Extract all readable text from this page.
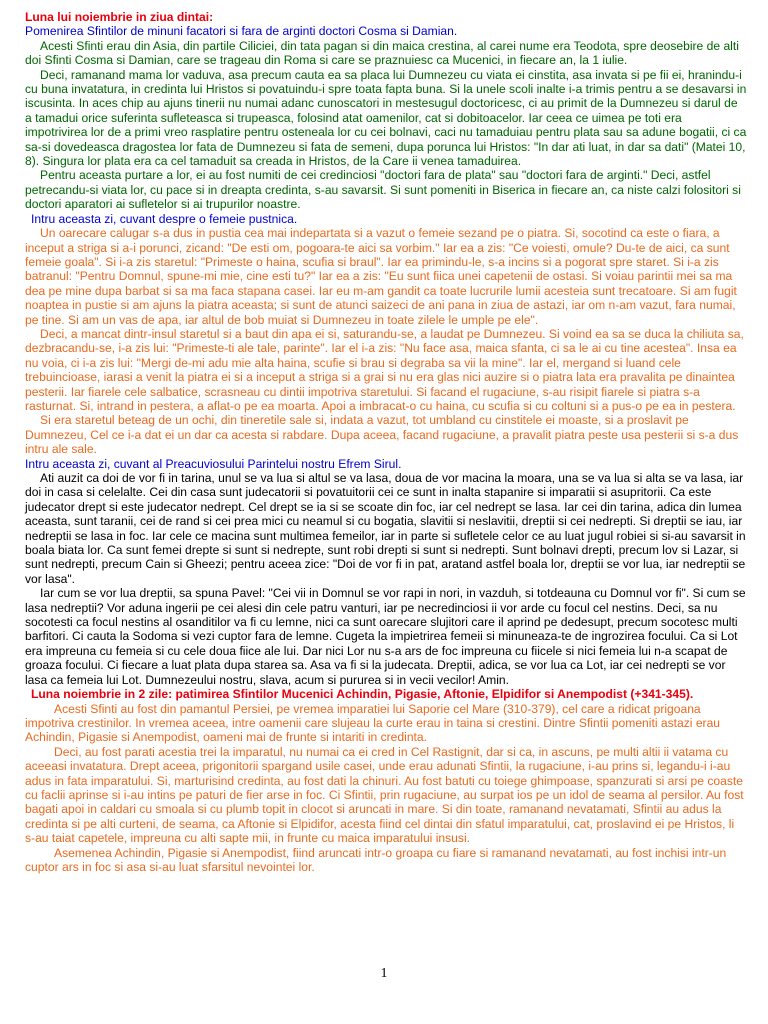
Luna lui noiembrie in ziua dintai:

Pomenirea Sfintilor de minuni facatori si fara de arginti doctori Cosma si Damian.

Acesti Sfinti erau din Asia, din partile Ciliciei, din tata pagan si din maica crestina, al carei nume era Teodota, spre deosebire de alti doi Sfinti Cosma si Damian, care se trageau din Roma si care se praznuiesc ca Mucenici, in fiecare an, la 1 iulie.

Deci, ramanand mama lor vaduva, asa precum cauta ea sa placa lui Dumnezeu cu viata ei cinstita, asa invata si pe fii ei, hranindu-i cu buna invatatura, in credinta lui Hristos si povatuindu-i spre toata fapta buna. Si la unele scoli inalte i-a trimis pentru a se desavarsi in iscusinta. In aces chip au ajuns tinerii nu numai adanc cunoscatori in mestesugul doctoricesc, ci au primit de la Dumnezeu si darul de a tamadui orice suferinta sufleteasca si trupeasca, folosind atat oamenilor, cat si dobitoacelor. Iar ceea ce uimea pe toti era impotrivirea lor de a primi vreo rasplatire pentru osteneala lor cu cei bolnavi, caci nu tamaduiau pentru plata sau sa adune bogatii, ci ca sa-si dovedeasca dragostea lor fata de Dumnezeu si fata de semeni, dupa porunca lui Hristos: "In dar ati luat, in dar sa dati" (Matei 10, 8). Singura lor plata era ca cel tamaduit sa creada in Hristos, de la Care ii venea tamaduirea.

Pentru aceasta purtare a lor, ei au fost numiti de cei credinciosi "doctori fara de plata" sau "doctori fara de arginti." Deci, astfel petrecandu-si viata lor, cu pace si in dreapta credinta, s-au savarsit. Si sunt pomeniti in Biserica in fiecare an, ca niste calzi folositori si doctori aparatori ai sufletelor si ai trupurilor noastre.

Intru aceasta zi, cuvant despre o femeie pustnica.

Un oarecare calugar s-a dus in pustia cea mai indepartata si a vazut o femeie sezand pe o piatra. Si, socotind ca este o fiara, a inceput a striga si a-i porunci, zicand: "De esti om, pogoara-te aici sa vorbim." Iar ea a zis: "Ce voiesti, omule? Du-te de aici, ca sunt femeie goala". Si i-a zis staretul: "Primeste o haina, scufia si braul". Iar ea primindu-le, s-a incins si a pogorat spre staret. Si i-a zis batranul: "Pentru Domnul, spune-mi mie, cine esti tu?" Iar ea a zis: "Eu sunt fiica unei capetenii de ostasi. Si voiau parintii mei sa ma dea pe mine dupa barbat si sa ma faca stapana casei. Iar eu m-am gandit ca toate lucrurile lumii acesteia sunt trecatoare. Si am fugit noaptea in pustie si am ajuns la piatra aceasta; si sunt de atunci saizeci de ani pana in ziua de astazi, iar om n-am vazut, fara numai, pe tine. Si am un vas de apa, iar altul de bob muiat si Dumnezeu in toate zilele le umple pe ele".

Deci, a mancat dintr-insul staretul si a baut din apa ei si, saturandu-se, a laudat pe Dumnezeu. Si voind ea sa se duca la chiliuta sa, dezbracandu-se, i-a zis lui: "Primeste-ti ale tale, parinte". Iar el i-a zis: "Nu face asa, maica sfanta, ci sa le ai cu tine acestea". Insa ea nu voia, ci i-a zis lui: "Mergi de-mi adu mie alta haina, scufie si brau si degraba sa vii la mine". Iar el, mergand si luand cele trebuincioase, iarasi a venit la piatra ei si a inceput a striga si a grai si nu era glas nici auzire si o piatra lata era pravalita pe dinaintea pesterii. Iar fiarele cele salbatice, scrasneau cu dintii impotriva staretului. Si facand el rugaciune, s-au risipit fiarele si piatra s-a rasturnat. Si, intrand in pestera, a aflat-o pe ea moarta. Apoi a imbracat-o cu haina, cu scufia si cu coltuni si a pus-o pe ea in pestera.

Si era staretul beteag de un ochi, din tineretile sale si, indata a vazut, tot umbland cu cinstitele ei moaste, si a proslavit pe Dumnezeu, Cel ce i-a dat ei un dar ca acesta si rabdare. Dupa aceea, facand rugaciune, a pravalit piatra peste usa pesterii si s-a dus intru ale sale.

Intru aceasta zi, cuvant al Preacuviosului Parintelui nostru Efrem Sirul.

Ati auzit ca doi de vor fi in tarina, unul se va lua si altul se va lasa, doua de vor macina la moara, una se va lua si alta se va lasa, iar doi in casa si celelalte. Cei din casa sunt judecatorii si povatuitorii cei ce sunt in inalta stapanire si imparatii si asupritorii. Ca este judecator drept si este judecator nedrept. Cel drept se ia si se scoate din foc, iar cel nedrept se lasa. Iar cei din tarina, adica din lumea aceasta, sunt taranii, cei de rand si cei prea mici cu neamul si cu bogatia, slavitii si neslavitii, dreptii si cei nedrepti. Si dreptii se iau, iar nedreptii se lasa in foc. Iar cele ce macina sunt multimea femeilor, iar in parte si sufletele celor ce au luat jugul robiei si si-au savarsit in boala biata lor. Ca sunt femei drepte si sunt si nedrepte, sunt robi drepti si sunt si nedrepti. Sunt bolnavi drepti, precum lov si Lazar, si sunt nedrepti, precum Cain si Gheezi; pentru aceea zice: "Doi de vor fi in pat, aratand astfel boala lor, dreptii se vor lua, iar nedreptii se vor lasa".

Iar cum se vor lua dreptii, sa spuna Pavel: "Cei vii in Domnul se vor rapi in nori, in vazduh, si totdeauna cu Domnul vor fi". Si cum se lasa nedreptii? Vor aduna ingerii pe cei alesi din cele patru vanturi, iar pe necredinciosi ii vor arde cu focul cel nestins. Deci, sa nu socotesti ca focul nestins al osanditilor va fi cu lemne, nici ca sunt oarecare slujitori care il aprind pe dedesupt, precum socotesc multi barfitori. Ci cauta la Sodoma si vezi cuptor fara de lemne. Cugeta la impietrirea femeii si minuneaza-te de ingrozirea focului. Ca si Lot era impreuna cu femeia si cu cele doua fiice ale lui. Dar nici Lor nu s-a ars de foc impreuna cu fiicele si nici femeia lui n-a scapat de groaza focului. Ci fiecare a luat plata dupa starea sa. Asa va fi si la judecata. Dreptii, adica, se vor lua ca Lot, iar cei nedrepti se vor lasa ca femeia lui Lot. Dumnezeului nostru, slava, acum si pururea si in vecii vecilor! Amin.

Luna noiembrie in 2 zile: patimirea Sfintilor Mucenici Achindin, Pigasie, Aftonie, Elpidifor si Anempodist (+341-345).

Acesti Sfinti au fost din pamantul Persiei, pe vremea imparatiei lui Saporie cel Mare (310-379), cel care a ridicat prigoana impotriva crestinilor. In vremea aceea, intre oamenii care slujeau la curte erau in taina si crestini. Dintre Sfintii pomeniti astazi erau Achindin, Pigasie si Anempodist, oameni mai de frunte si intariti in credinta.

Deci, au fost parati acestia trei la imparatul, nu numai ca ei cred in Cel Rastignit, dar si ca, in ascuns, pe multi altii ii vatama cu aceeasi invatatura. Drept aceea, prigonitorii spargand usile casei, unde erau adunati Sfintii, la rugaciune, i-au prins si, legandu-i i-au adus in fata imparatului. Si, marturisind credinta, au fost dati la chinuri. Au fost batuti cu toiege ghimpoase, spanzurati si arsi pe coaste cu faclii aprinse si i-au intins pe paturi de fier arse in foc. Ci Sfintii, prin rugaciune, au surpat ios pe un idol de seama al persilor. Au fost bagati apoi in caldari cu smoala si cu plumb topit in clocot si aruncati in mare. Si din toate, ramanand nevatamati, Sfintii au adus la credinta si pe alti curteni, de seama, ca Aftonie si Elpidifor, acesta fiind cel dintai din sfatul imparatului, cat, proslavind ei pe Hristos, li s-au taiat capetele, impreuna cu alti sapte mii, in frunte cu maica imparatului insusi.

Asemenea Achindin, Pigasie si Anempodist, fiind aruncati intr-o groapa cu fiare si ramanand nevatamati, au fost inchisi intr-un cuptor ars in foc si asa si-au luat sfarsitul nevointei lor.

1
